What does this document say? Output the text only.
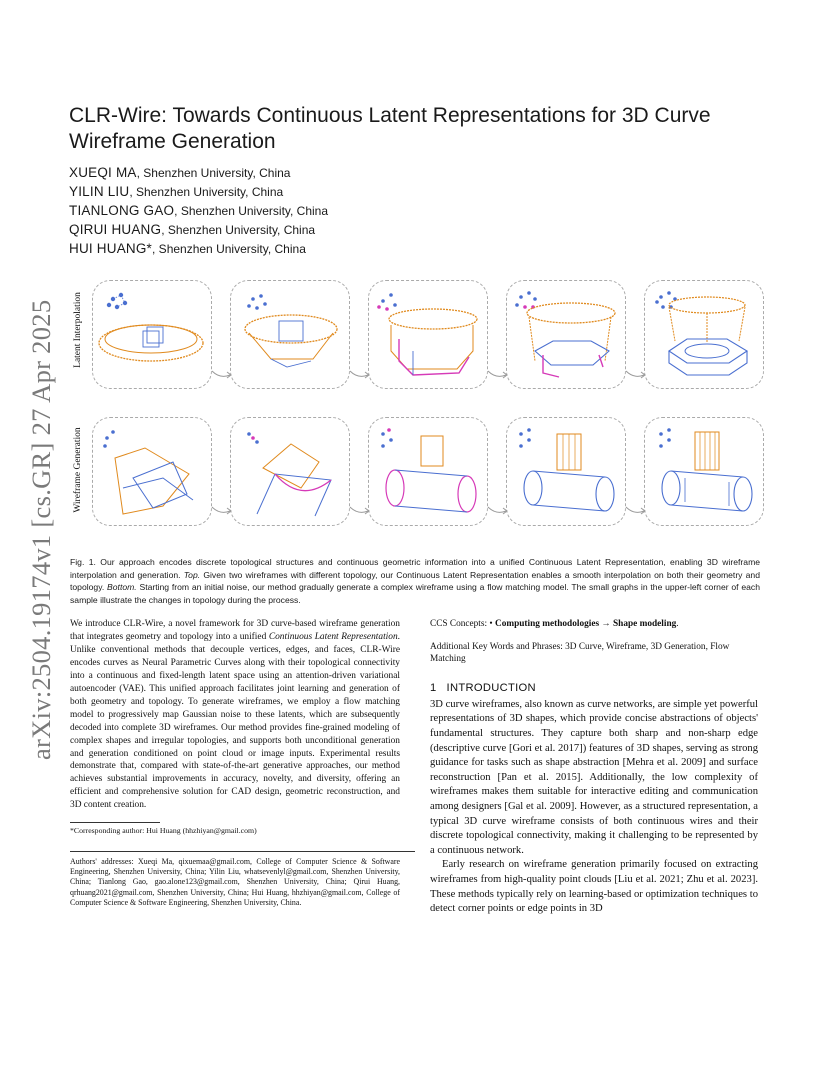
arXiv:2504.19174v1 [cs.GR] 27 Apr 2025
CLR-Wire: Towards Continuous Latent Representations for 3D Curve Wireframe Generation
XUEQI MA, Shenzhen University, China
YILIN LIU, Shenzhen University, China
TIANLONG GAO, Shenzhen University, China
QIRUI HUANG, Shenzhen University, China
HUI HUANG*, Shenzhen University, China
Latent Interpolation
Wireframe Generation
Fig. 1. Our approach encodes discrete topological structures and continuous geometric information into a unified Continuous Latent Representation, enabling 3D wireframe interpolation and generation. Top. Given two wireframes with different topology, our Continuous Latent Representation enables a smooth interpolation on both their geometry and topology. Bottom. Starting from an initial noise, our method gradually generate a complex wireframe using a flow matching model. The small graphs in the upper-left corner of each sample illustrate the changes in topology during the process.

We introduce CLR-Wire, a novel framework for 3D curve-based wireframe generation that integrates geometry and topology into a unified Continuous Latent Representation. Unlike conventional methods that decouple vertices, edges, and faces, CLR-Wire encodes curves as Neural Parametric Curves along with their topological connectivity into a continuous and fixed-length latent space using an attention-driven variational autoencoder (VAE). This unified approach facilitates joint learning and generation of both geometry and topology. To generate wireframes, we employ a flow matching model to progressively map Gaussian noise to these latents, which are subsequently decoded into complete 3D wireframes. Our method provides fine-grained modeling of complex shapes and irregular topologies, and supports both unconditional generation and generation conditioned on point cloud or image inputs. Experimental results demonstrate that, compared with state-of-the-art generative approaches, our method achieves substantial improvements in accuracy, novelty, and diversity, offering an efficient and comprehensive solution for CAD design, geometric reconstruction, and 3D content creation.

*Corresponding author: Hui Huang (hhzhiyan@gmail.com)

Authors' addresses: Xueqi Ma, qixuemaa@gmail.com, College of Computer Science & Software Engineering, Shenzhen University, China; Yilin Liu, whatsevenlyl@gmail.com, Shenzhen University, China; Tianlong Gao, gao.alone123@gmail.com, Shenzhen University, China; Qirui Huang, qrhuang2021@gmail.com, Shenzhen University, China; Hui Huang, hhzhiyan@gmail.com, College of Computer Science & Software Engineering, Shenzhen University, China.

CCS Concepts: • Computing methodologies → Shape modeling.

Additional Key Words and Phrases: 3D Curve, Wireframe, 3D Generation, Flow Matching

1 INTRODUCTION

3D curve wireframes, also known as curve networks, are simple yet powerful representations of 3D shapes, which provide concise abstractions of objects' fundamental structures. They capture both sharp and non-sharp edge (descriptive curve [Gori et al. 2017]) features of 3D shapes, serving as strong guidance for tasks such as shape abstraction [Mehra et al. 2009] and surface reconstruction [Pan et al. 2015]. Additionally, the low complexity of wireframes makes them suitable for interactive editing and communication among designers [Gal et al. 2009]. However, as a structured representation, a typical 3D curve wireframe consists of both continuous wires and their discrete topological connectivity, making it challenging to be represented by a continuous network.

Early research on wireframe generation primarily focused on extracting wireframes from high-quality point clouds [Liu et al. 2021; Zhu et al. 2023]. These methods typically rely on learning-based or optimization techniques to detect corner points or edge points in 3D
